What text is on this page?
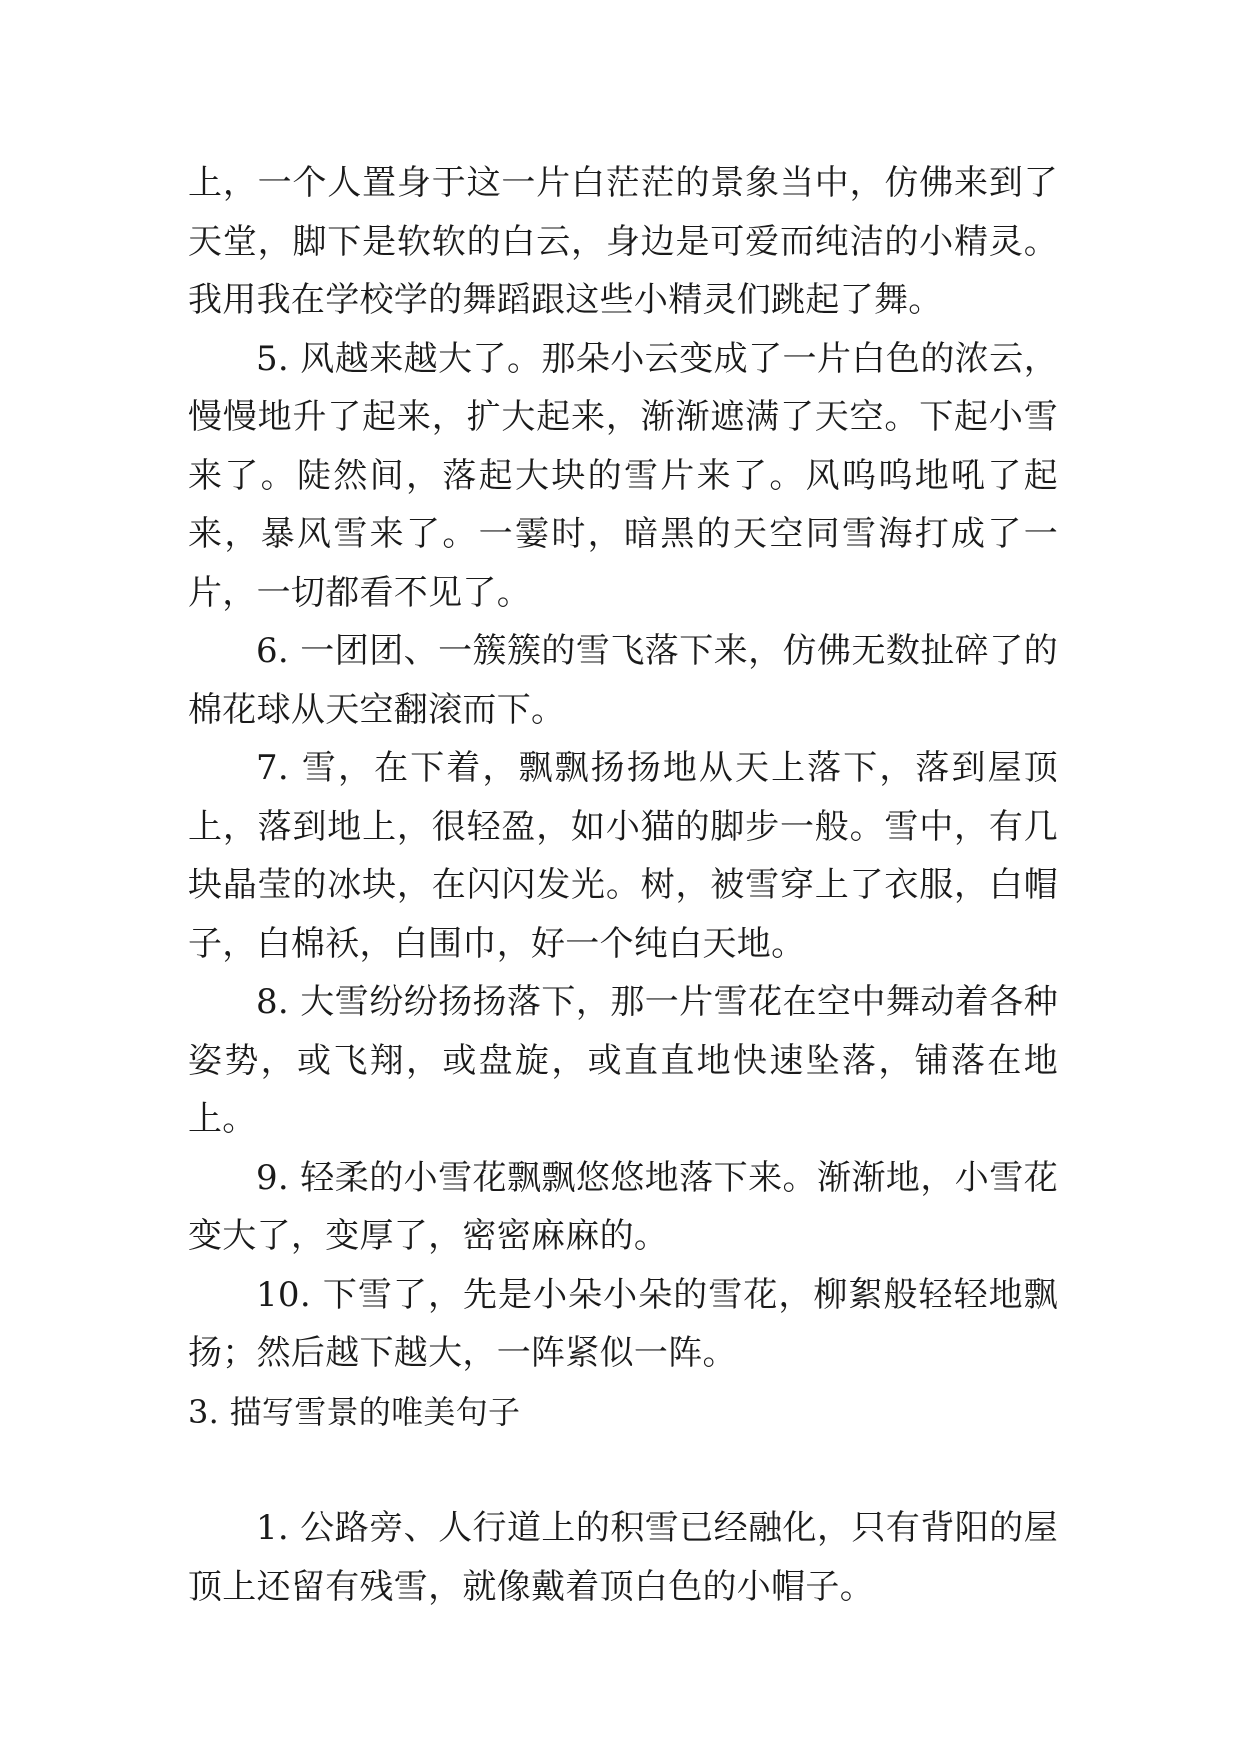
上，一个人置身于这一片白茫茫的景象当中，仿佛来到了天堂，脚下是软软的白云，身边是可爱而纯洁的小精灵。我用我在学校学的舞蹈跟这些小精灵们跳起了舞。

5. 风越来越大了。那朵小云变成了一片白色的浓云，慢慢地升了起来，扩大起来，渐渐遮满了天空。下起小雪来了。陡然间，落起大块的雪片来了。风呜呜地吼了起来，暴风雪来了。一霎时，暗黑的天空同雪海打成了一片，一切都看不见了。

6. 一团团、一簇簇的雪飞落下来，仿佛无数扯碎了的棉花球从天空翻滚而下。

7. 雪，在下着，飘飘扬扬地从天上落下，落到屋顶上，落到地上，很轻盈，如小猫的脚步一般。雪中，有几块晶莹的冰块，在闪闪发光。树，被雪穿上了衣服，白帽子，白棉袄，白围巾，好一个纯白天地。

8. 大雪纷纷扬扬落下，那一片雪花在空中舞动着各种姿势，或飞翔，或盘旋，或直直地快速坠落，铺落在地上。

9. 轻柔的小雪花飘飘悠悠地落下来。渐渐地，小雪花变大了，变厚了，密密麻麻的。

10. 下雪了，先是小朵小朵的雪花，柳絮般轻轻地飘扬；然后越下越大，一阵紧似一阵。

3. 描写雪景的唯美句子

1. 公路旁、人行道上的积雪已经融化，只有背阳的屋顶上还留有残雪，就像戴着顶白色的小帽子。
